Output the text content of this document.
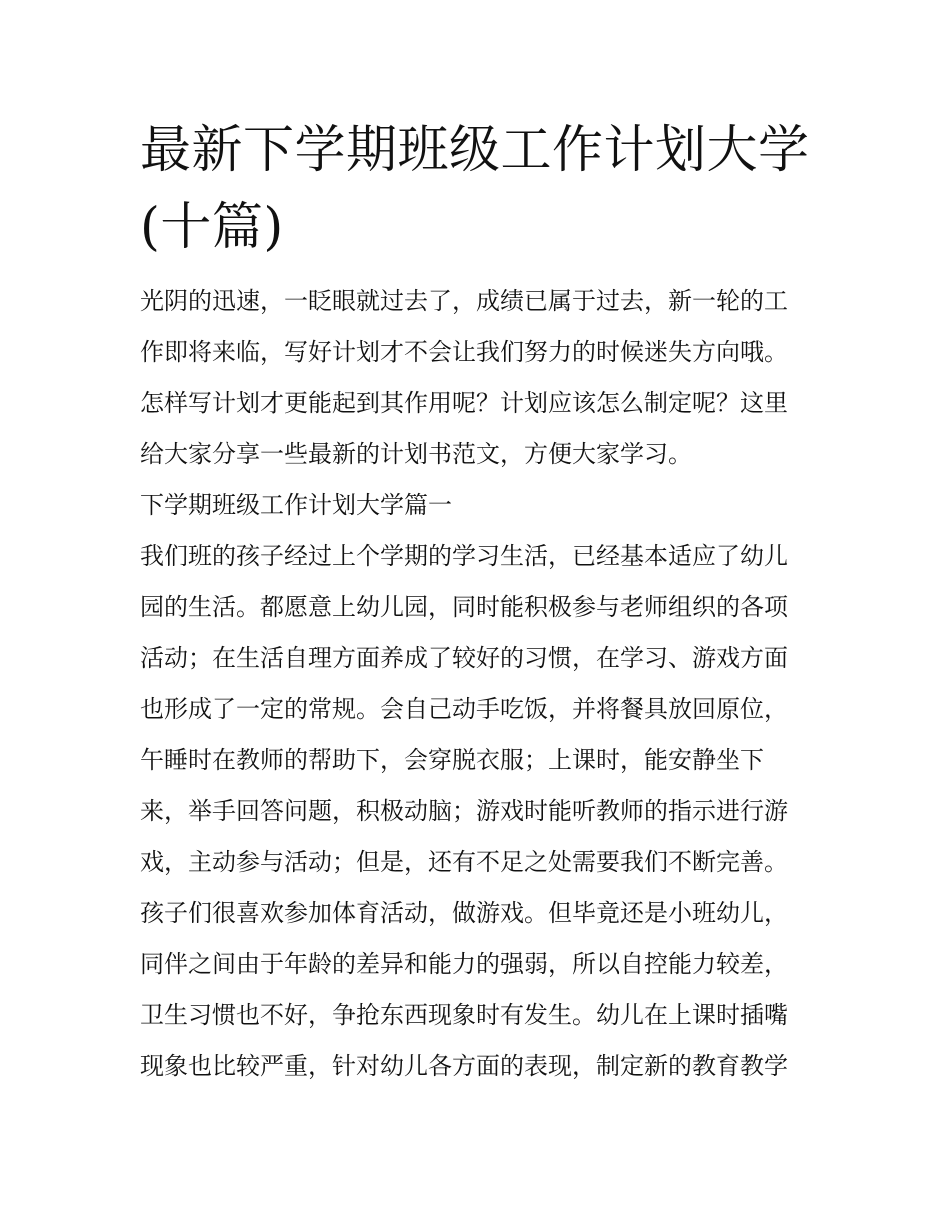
最新下学期班级工作计划大学
(十篇)

光阴的迅速，一眨眼就过去了，成绩已属于过去，新一轮的工
作即将来临，写好计划才不会让我们努力的时候迷失方向哦。
怎样写计划才更能起到其作用呢？计划应该怎么制定呢？这里
给大家分享一些最新的计划书范文，方便大家学习。

下学期班级工作计划大学篇一

我们班的孩子经过上个学期的学习生活，已经基本适应了幼儿
园的生活。都愿意上幼儿园，同时能积极参与老师组织的各项
活动；在生活自理方面养成了较好的习惯，在学习、游戏方面
也形成了一定的常规。会自己动手吃饭，并将餐具放回原位，
午睡时在教师的帮助下，会穿脱衣服；上课时，能安静坐下
来，举手回答问题，积极动脑；游戏时能听教师的指示进行游
戏，主动参与活动；但是，还有不足之处需要我们不断完善。
孩子们很喜欢参加体育活动，做游戏。但毕竟还是小班幼儿，
同伴之间由于年龄的差异和能力的强弱，所以自控能力较差，
卫生习惯也不好，争抢东西现象时有发生。幼儿在上课时插嘴
现象也比较严重，针对幼儿各方面的表现，制定新的教育教学
